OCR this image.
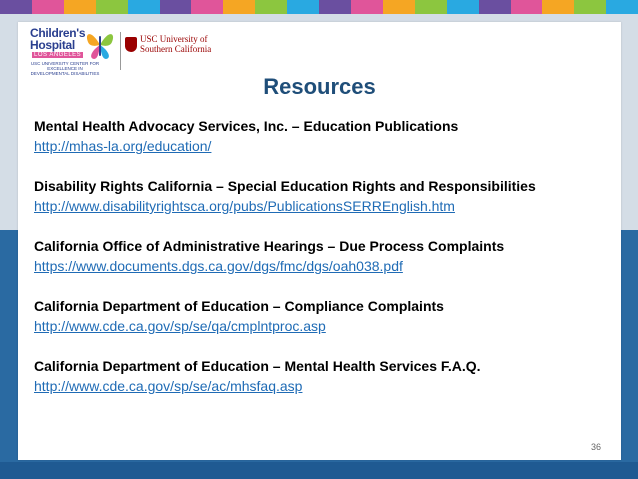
Children's
Hospital
LOS ANGELES
USC UNIVERSITY CENTER FOR EXCELLENCE IN DEVELOPMENTAL DISABILITIES
USC University of
Southern California
Resources
Mental Health Advocacy Services, Inc. – Education Publications
http://mhas-la.org/education/
Disability Rights California – Special Education Rights and Responsibilities
http://www.disabilityrightsca.org/pubs/PublicationsSERREnglish.htm
California Office of Administrative Hearings – Due Process Complaints
https://www.documents.dgs.ca.gov/dgs/fmc/dgs/oah038.pdf
California Department of Education – Compliance Complaints
http://www.cde.ca.gov/sp/se/qa/cmplntproc.asp
California Department of Education – Mental Health Services F.A.Q.
http://www.cde.ca.gov/sp/se/ac/mhsfaq.asp
36
